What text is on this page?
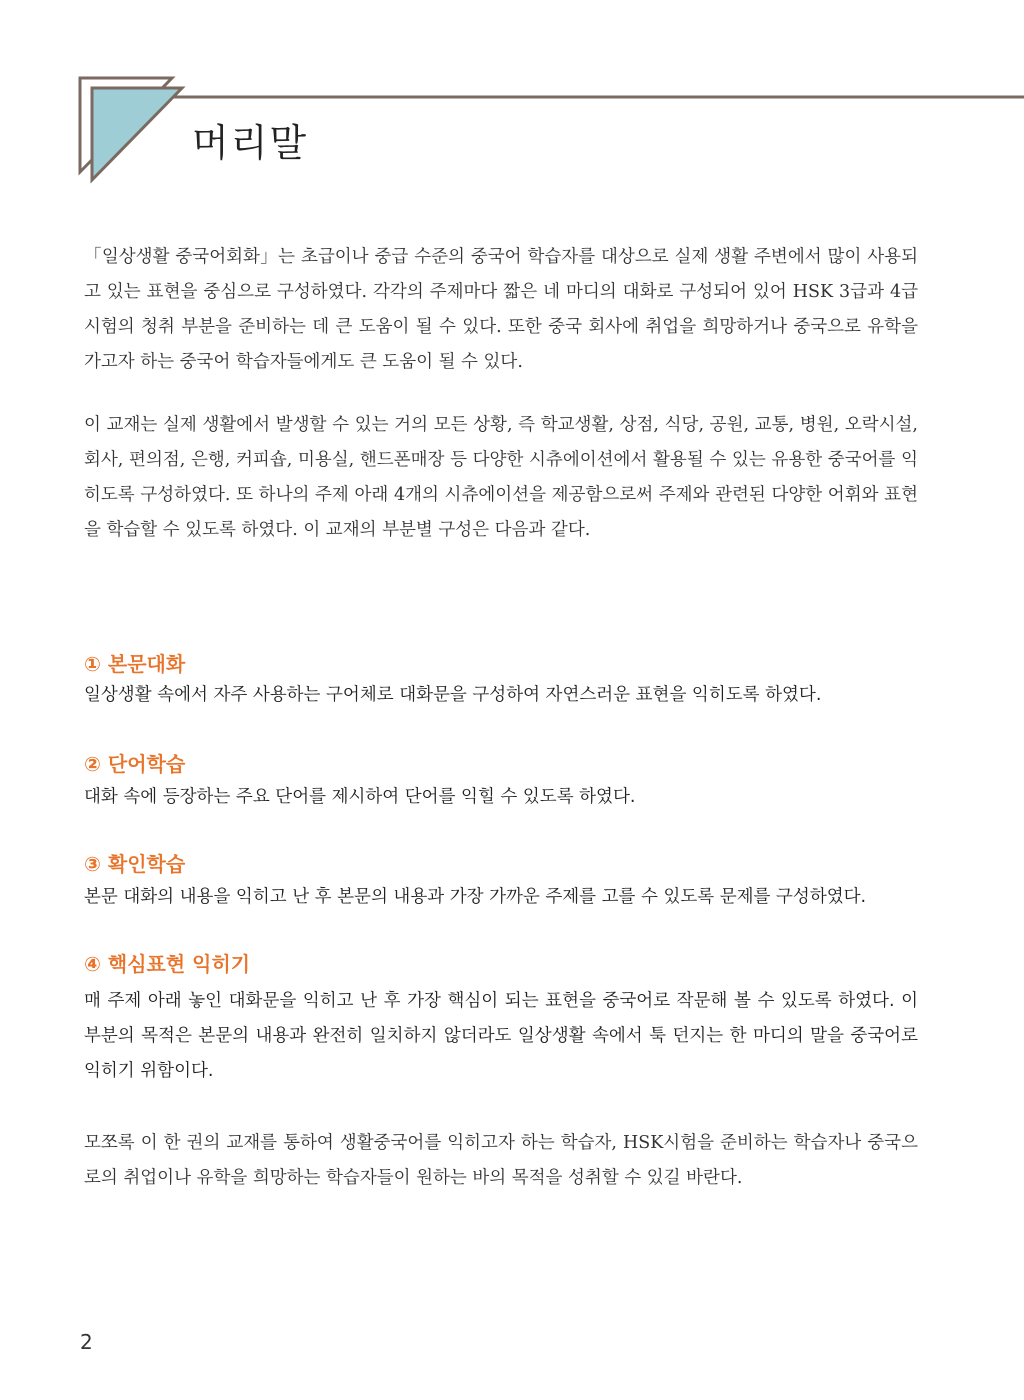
머리말

「일상생활 중국어회화」는 초급이나 중급 수준의 중국어 학습자를 대상으로 실제 생활 주변에서 많이 사용되고 있는 표현을 중심으로 구성하였다. 각각의 주제마다 짧은 네 마디의 대화로 구성되어 있어 HSK 3급과 4급 시험의 청취 부분을 준비하는 데 큰 도움이 될 수 있다. 또한 중국 회사에 취업을 희망하거나 중국으로 유학을 가고자 하는 중국어 학습자들에게도 큰 도움이 될 수 있다.

이 교재는 실제 생활에서 발생할 수 있는 거의 모든 상황, 즉 학교생활, 상점, 식당, 공원, 교통, 병원, 오락시설, 회사, 편의점, 은행, 커피숍, 미용실, 핸드폰매장 등 다양한 시츄에이션에서 활용될 수 있는 유용한 중국어를 익히도록 구성하였다. 또 하나의 주제 아래 4개의 시츄에이션을 제공함으로써 주제와 관련된 다양한 어휘와 표현을 학습할 수 있도록 하였다. 이 교재의 부분별 구성은 다음과 같다.

① 본문대화

일상생활 속에서 자주 사용하는 구어체로 대화문을 구성하여 자연스러운 표현을 익히도록 하였다.

② 단어학습

대화 속에 등장하는 주요 단어를 제시하여 단어를 익힐 수 있도록 하였다.

③ 확인학습

본문 대화의 내용을 익히고 난 후 본문의 내용과 가장 가까운 주제를 고를 수 있도록 문제를 구성하였다.

④ 핵심표현 익히기

매 주제 아래 놓인 대화문을 익히고 난 후 가장 핵심이 되는 표현을 중국어로 작문해 볼 수 있도록 하였다. 이 부분의 목적은 본문의 내용과 완전히 일치하지 않더라도 일상생활 속에서 툭 던지는 한 마디의 말을 중국어로 익히기 위함이다.

모쪼록 이 한 권의 교재를 통하여 생활중국어를 익히고자 하는 학습자, HSK시험을 준비하는 학습자나 중국으로의 취업이나 유학을 희망하는 학습자들이 원하는 바의 목적을 성취할 수 있길 바란다.

2
